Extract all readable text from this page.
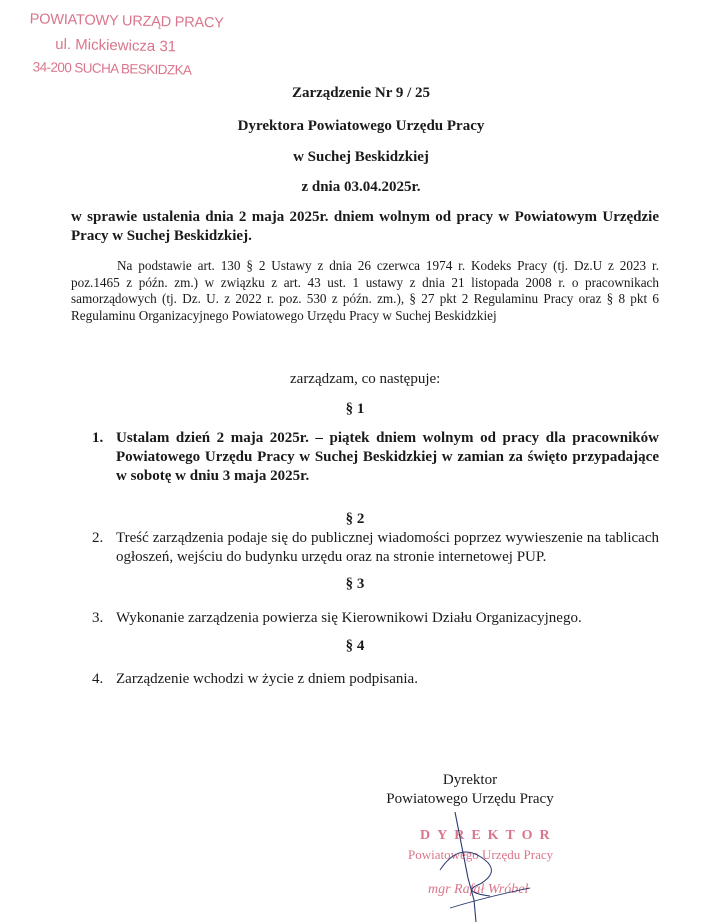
POWIATOWY URZĄD PRACY
ul. Mickiewicza 31
34-200 SUCHA BESKIDZKA
Zarządzenie Nr 9 / 25
Dyrektora Powiatowego Urzędu Pracy
w Suchej Beskidzkiej
z dnia 03.04.2025r.
w sprawie ustalenia dnia 2 maja 2025r. dniem wolnym od pracy w Powiatowym Urzędzie Pracy w Suchej Beskidzkiej.
Na podstawie art. 130 § 2 Ustawy z dnia 26 czerwca 1974 r. Kodeks Pracy (tj. Dz.U z 2023 r. poz.1465 z późn. zm.) w związku z art. 43 ust. 1 ustawy z dnia 21 listopada 2008 r. o pracownikach samorządowych (tj. Dz. U. z 2022 r. poz. 530 z późn. zm.), § 27 pkt 2 Regulaminu Pracy oraz § 8 pkt 6 Regulaminu Organizacyjnego Powiatowego Urzędu Pracy w Suchej Beskidzkiej
zarządzam, co następuje:
§ 1
1. Ustalam dzień 2 maja 2025r. – piątek dniem wolnym od pracy dla pracowników Powiatowego Urzędu Pracy w Suchej Beskidzkiej w zamian za święto przypadające w sobotę w dniu 3 maja 2025r.
§ 2
2. Treść zarządzenia podaje się do publicznej wiadomości poprzez wywieszenie na tablicach ogłoszeń, wejściu do budynku urzędu oraz na stronie internetowej PUP.
§ 3
3. Wykonanie zarządzenia powierza się Kierownikowi Działu Organizacyjnego.
§ 4
4. Zarządzenie wchodzi w życie z dniem podpisania.
Dyrektor
Powiatowego Urzędu Pracy
DYREKTOR
Powiatowego Urzędu Pracy
mgr Rafał Wróbel
